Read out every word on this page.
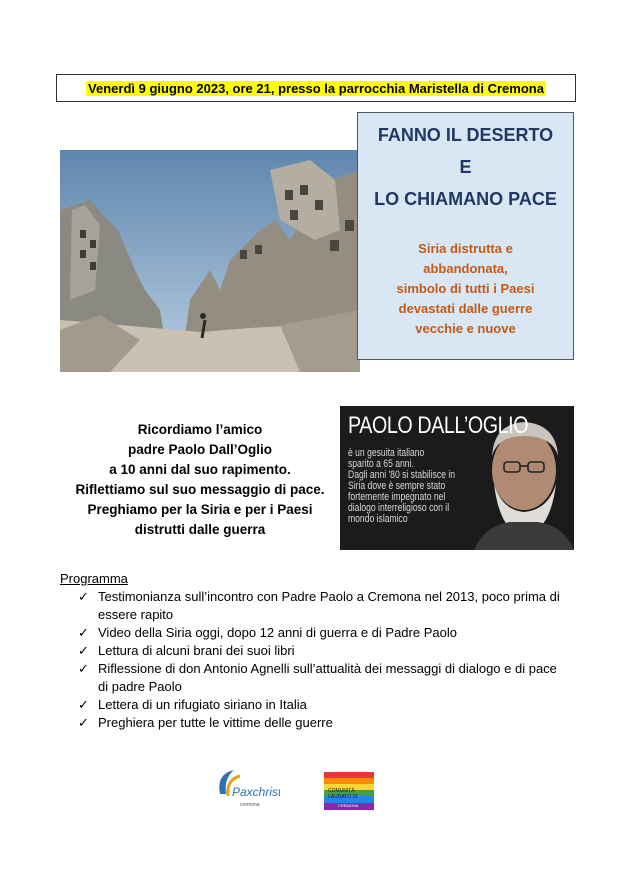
Venerdì 9 giugno 2023, ore 21, presso la parrocchia Maristella di Cremona
FANNO IL DESERTO
E
LO CHIAMANO PACE
Siria distrutta e
abbandonata,
simbolo di tutti i Paesi
devastati dalle guerre
vecchie e nuove
Ricordiamo l’amico
padre Paolo Dall’Oglio
a 10 anni dal suo rapimento.
Riflettiamo sul suo messaggio di pace.
Preghiamo per la Siria e per i Paesi
distrutti dalle guerra
PAOLO DALL’OGLIO
è un gesuita italiano
sparito a 65 anni.
Dagli anni '80 si stabilisce in
Siria dove è sempre stato
fortemente impegnato nel
dialogo interreligioso con il
mondo islamico
Programma
✓ Testimonianza sull’incontro con Padre Paolo a Cremona nel 2013, poco prima di essere rapito
✓ Video della Siria oggi, dopo 12 anni di guerra e di Padre Paolo
✓ Lettura di alcuni brani dei suoi libri
✓ Riflessione di don Antonio Agnelli sull’attualità dei messaggi di dialogo e di pace di padre Paolo
✓ Lettera di un rifugiato siriano in Italia
✓ Preghiera per tutte le vittime delle guerre
Paxchristi
cremona
COMUNITÀ
LAUDATO SI'
CREMONA
